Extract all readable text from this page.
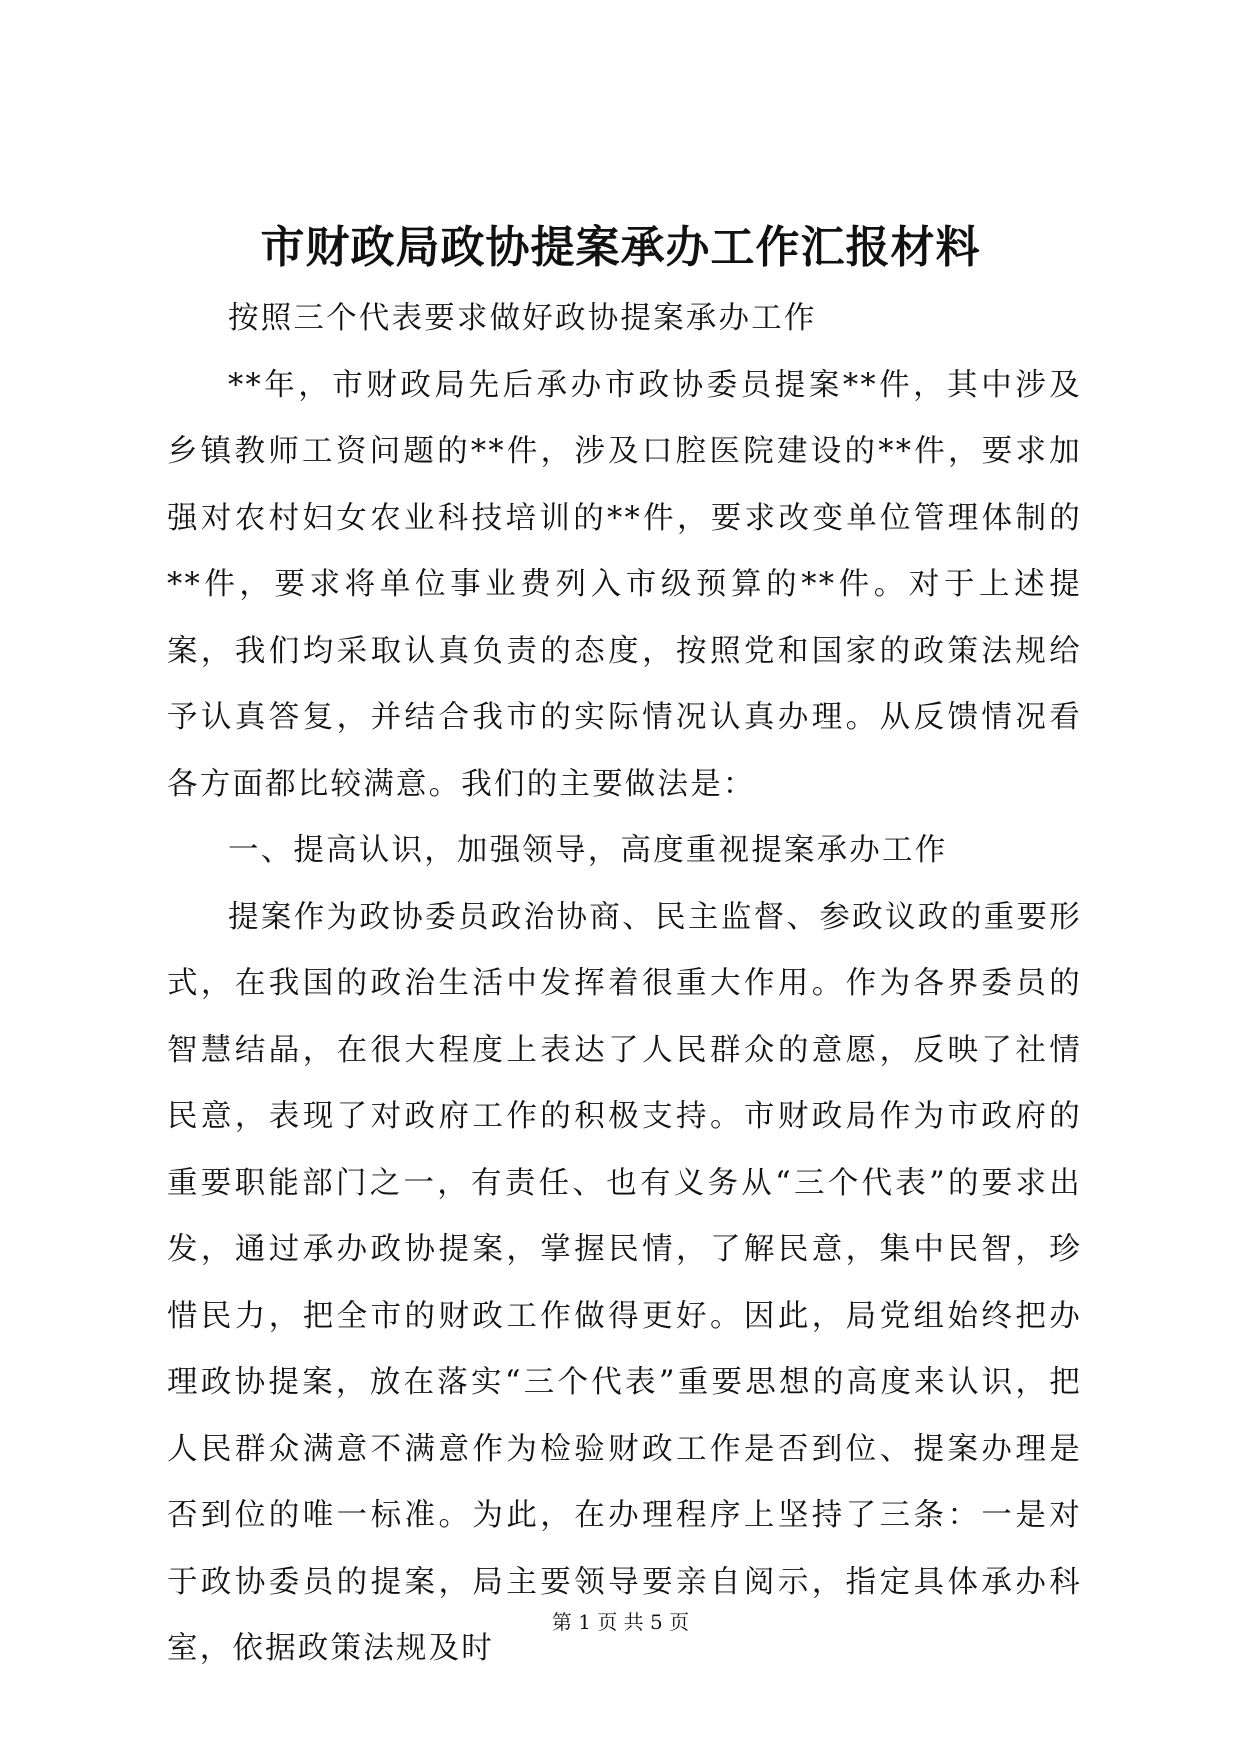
市财政局政协提案承办工作汇报材料

按照三个代表要求做好政协提案承办工作

**年，市财政局先后承办市政协委员提案**件，其中涉及乡镇教师工资问题的**件，涉及口腔医院建设的**件，要求加强对农村妇女农业科技培训的**件，要求改变单位管理体制的**件，要求将单位事业费列入市级预算的**件。对于上述提案，我们均采取认真负责的态度，按照党和国家的政策法规给予认真答复，并结合我市的实际情况认真办理。从反馈情况看各方面都比较满意。我们的主要做法是：

一、提高认识，加强领导，高度重视提案承办工作

提案作为政协委员政治协商、民主监督、参政议政的重要形式，在我国的政治生活中发挥着很重大作用。作为各界委员的智慧结晶，在很大程度上表达了人民群众的意愿，反映了社情民意，表现了对政府工作的积极支持。市财政局作为市政府的重要职能部门之一，有责任、也有义务从“三个代表”的要求出发，通过承办政协提案，掌握民情，了解民意，集中民智，珍惜民力，把全市的财政工作做得更好。因此，局党组始终把办理政协提案，放在落实“三个代表”重要思想的高度来认识，把人民群众满意不满意作为检验财政工作是否到位、提案办理是否到位的唯一标准。为此，在办理程序上坚持了三条：一是对于政协委员的提案，局主要领导要亲自阅示，指定具体承办科室，依据政策法规及时

第 1 页 共 5 页
